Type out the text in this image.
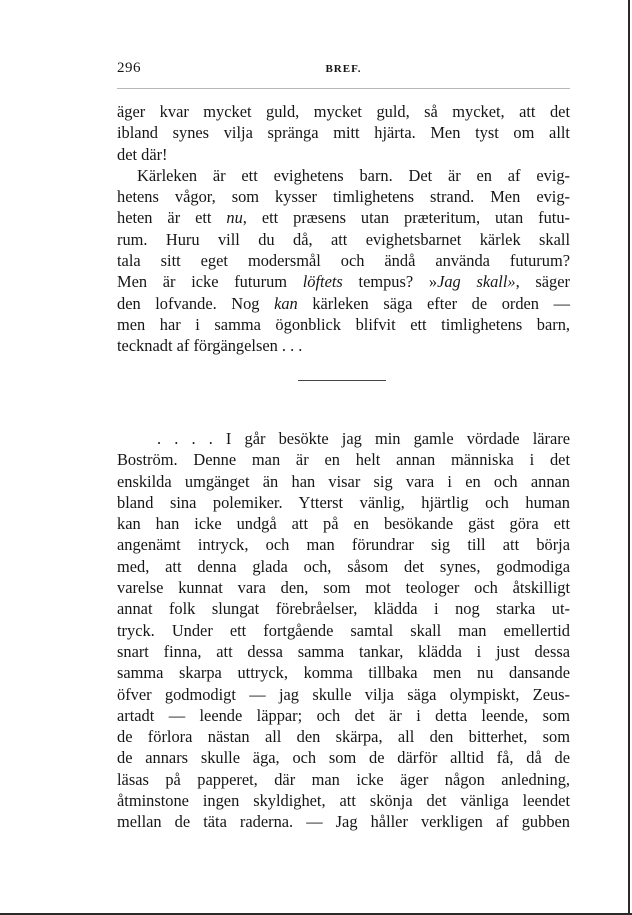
296	BREF.
äger kvar mycket guld, mycket guld, så mycket, att det
ibland synes vilja spränga mitt hjärta. Men tyst om allt
det där!
Kärleken är ett evighetens barn. Det är en af evig-
hetens vågor, som kysser timlighetens strand. Men evig-
heten är ett nu, ett præsens utan præteritum, utan futu-
rum. Huru vill du då, att evighetsbarnet kärlek skall
tala sitt eget modersmål och ändå använda futurum?
Men är icke futurum löftets tempus? »Jag skall», säger
den lofvande. Nog kan kärleken säga efter de orden —
men har i samma ögonblick blifvit ett timlighetens barn,
tecknadt af förgängelsen . . .
. . . . I går besökte jag min gamle vördade lärare
Boström. Denne man är en helt annan människa i det
enskilda umgänget än han visar sig vara i en och annan
bland sina polemiker. Ytterst vänlig, hjärtlig och human
kan han icke undgå att på en besökande gäst göra ett
angenämt intryck, och man förundrar sig till att börja
med, att denna glada och, såsom det synes, godmodiga
varelse kunnat vara den, som mot teologer och åtskilligt
annat folk slungat förebråelser, klädda i nog starka ut-
tryck. Under ett fortgående samtal skall man emellertid
snart finna, att dessa samma tankar, klädda i just dessa
samma skarpa uttryck, komma tillbaka men nu dansande
öfver godmodigt — jag skulle vilja säga olympiskt, Zeus-
artadt — leende läppar; och det är i detta leende, som
de förlora nästan all den skärpa, all den bitterhet, som
de annars skulle äga, och som de därför alltid få, då de
läsas på papperet, där man icke äger någon anledning,
åtminstone ingen skyldighet, att skönja det vänliga leendet
mellan de täta raderna. — Jag håller verkligen af gubben
